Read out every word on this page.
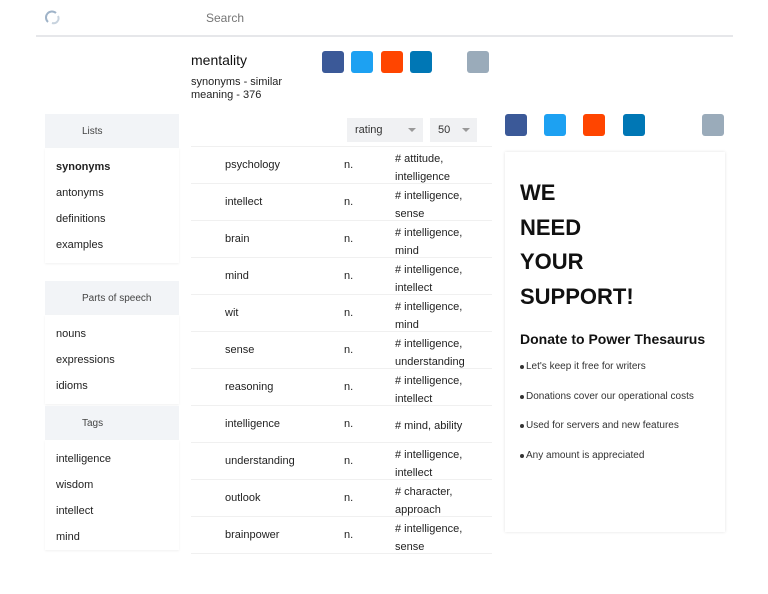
Search
mentality
synonyms - similar
meaning - 376
Lists
synonyms
antonyms
definitions
examples
Parts of speech
nouns
expressions
idioms
Tags
intelligence
wisdom
intellect
mind
rating	50
psychology	n.	# attitude,
intelligence
intellect	n.	# intelligence,
sense
brain	n.	# intelligence,
mind
mind	n.	# intelligence,
intellect
wit	n.	# intelligence,
mind
sense	n.	# intelligence,
understanding
reasoning	n.	# intelligence,
intellect
intelligence	n.	# mind, ability
understanding	n.	# intelligence,
intellect
outlook	n.	# character,
approach
brainpower	n.	# intelligence,
sense
WE
NEED
YOUR
SUPPORT!
Donate to Power Thesaurus
Let's keep it free for writers
Donations cover our operational costs
Used for servers and new features
Any amount is appreciated
